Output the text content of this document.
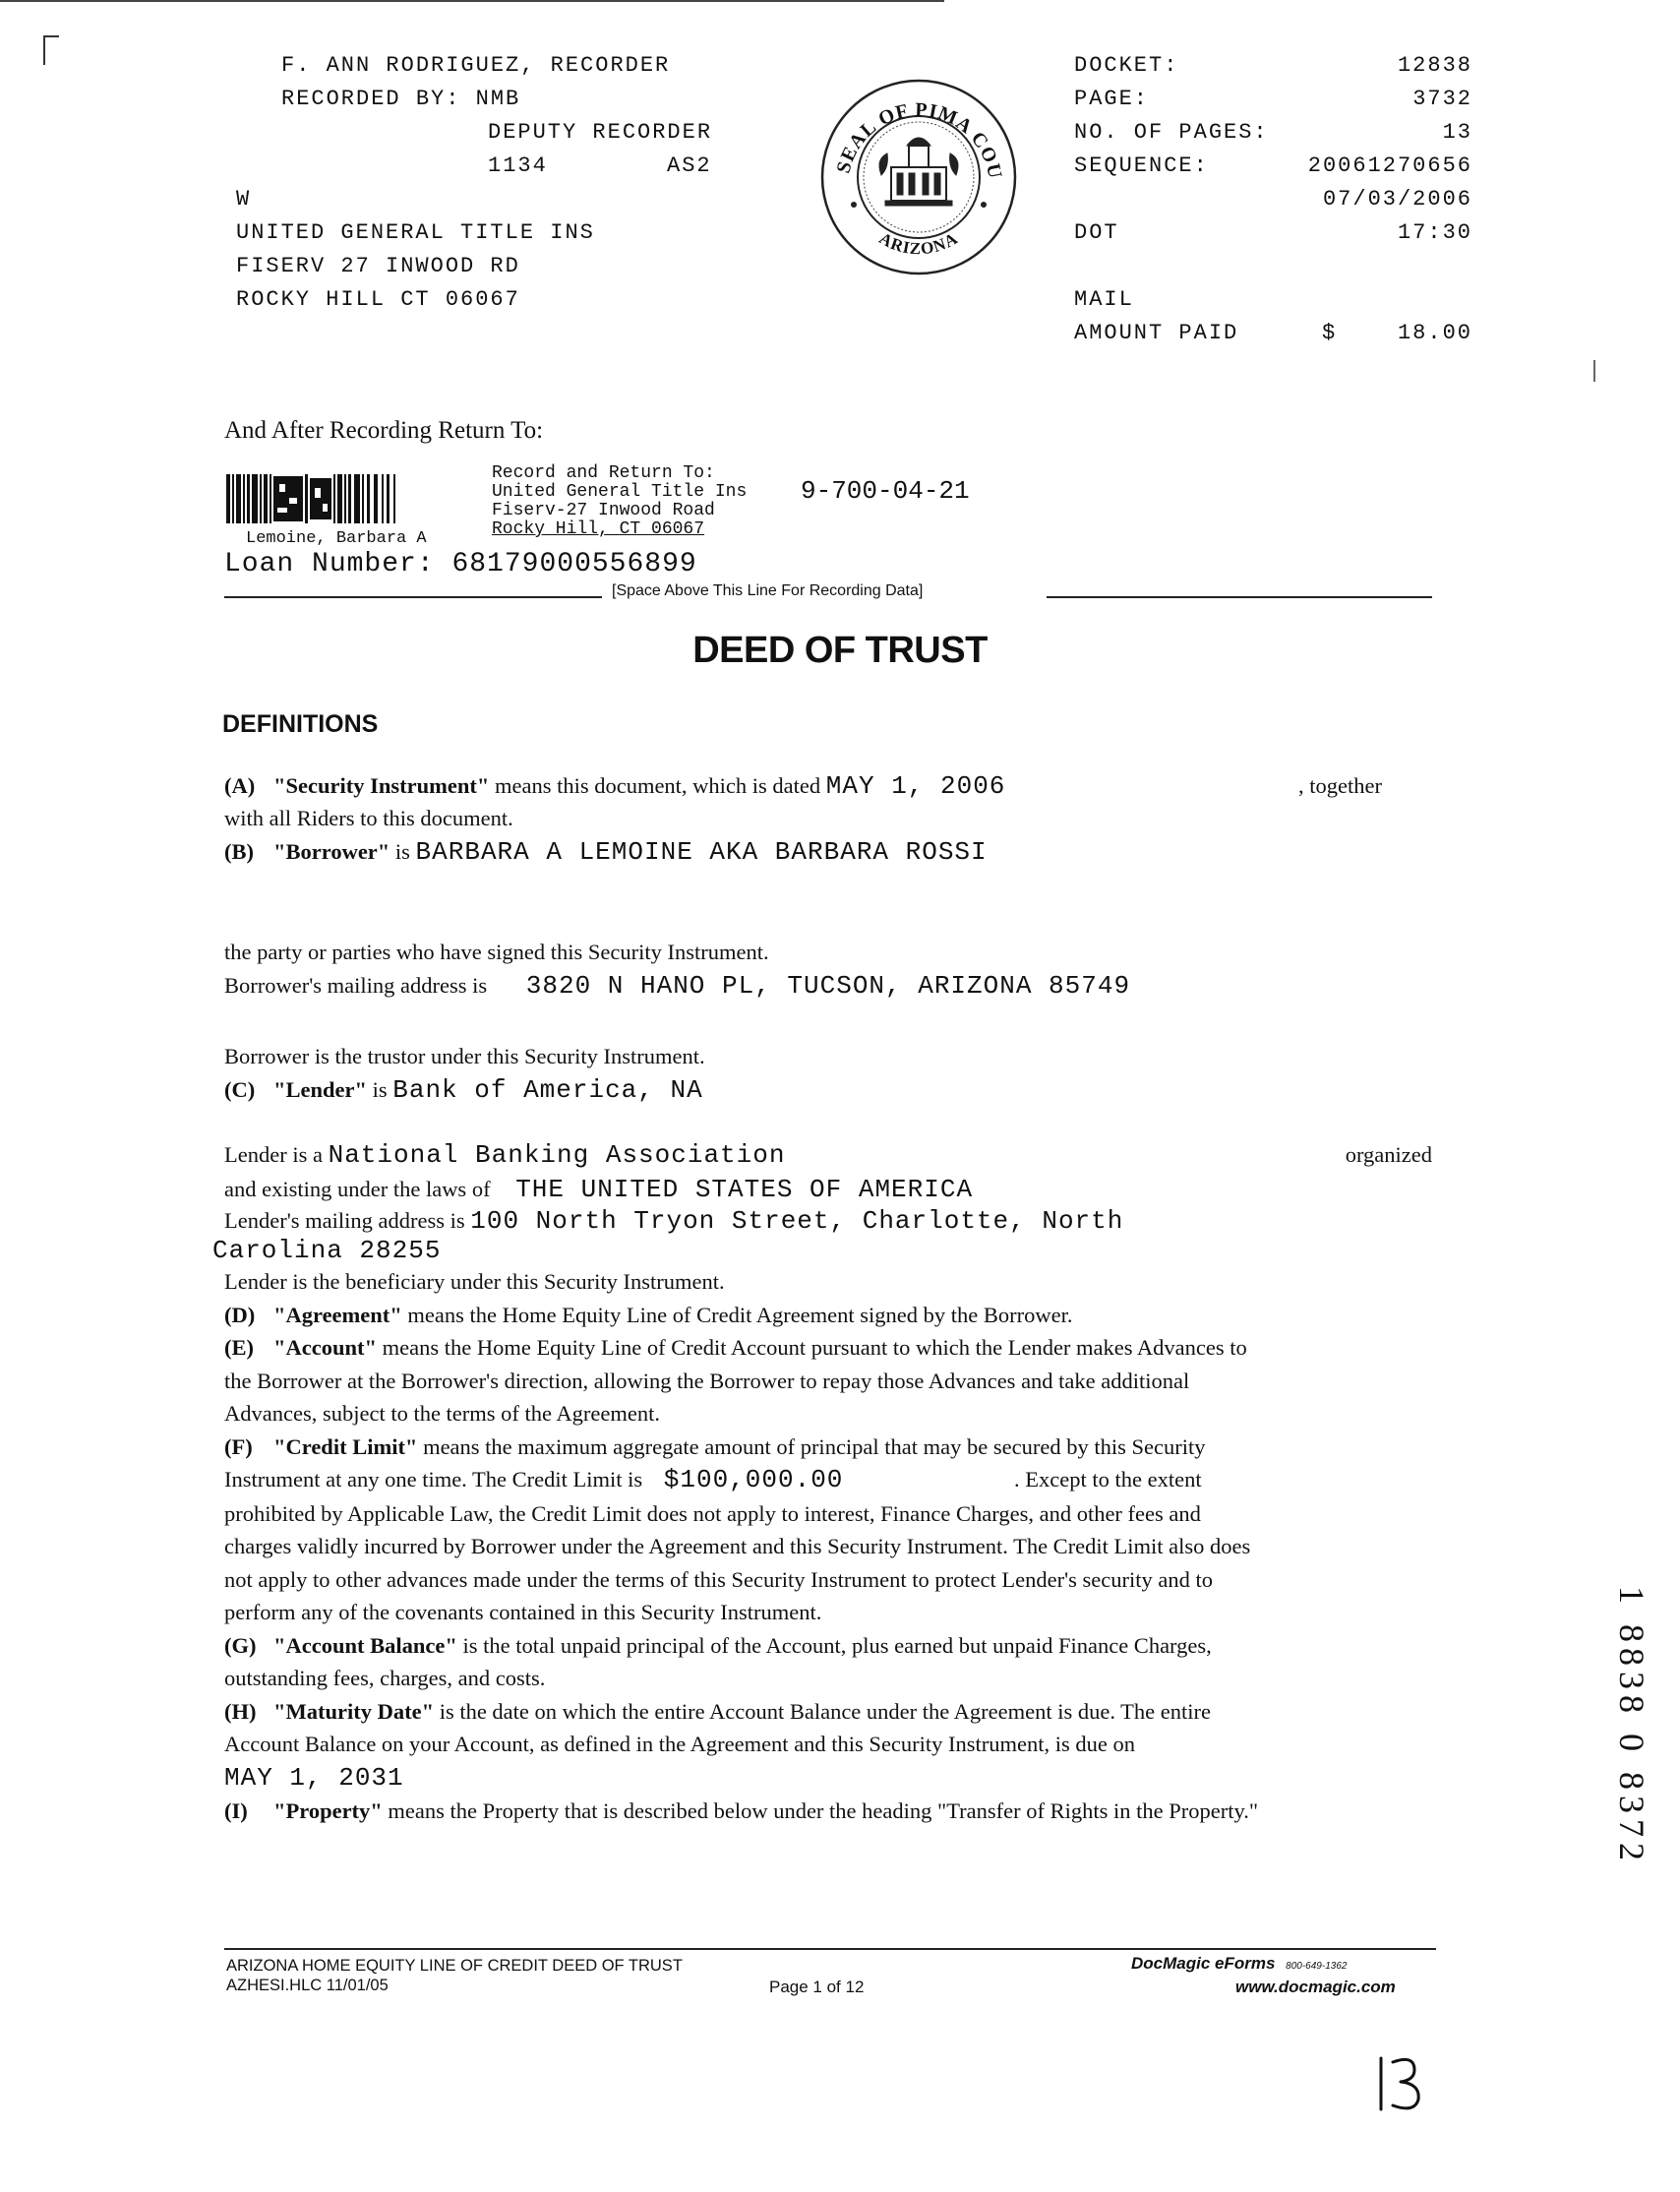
F. ANN RODRIGUEZ, RECORDER
RECORDED BY: NMB
DEPUTY RECORDER
1134	AS2
W
UNITED GENERAL TITLE INS
FISERV 27 INWOOD RD
ROCKY HILL CT 06067
SEAL OF PIMA COU
ARIZONA
DOCKET:	12838
PAGE:	3732
NO. OF PAGES:	13
SEQUENCE:	20061270656
07/03/2006
DOT	17:30
MAIL
AMOUNT PAID	$	18.00
And After Recording Return To:
Lemoine, Barbara A
Record and Return To:
United General Title Ins
Fiserv-27 Inwood Road
Rocky Hill, CT 06067
9-700-04-21
Loan Number: 68179000556899
[Space Above This Line For Recording Data]
DEED OF TRUST
DEFINITIONS

(A) "Security Instrument" means this document, which is dated MAY 1, 2006	, together

with all Riders to this document.

(B) "Borrower" is BARBARA A LEMOINE AKA BARBARA ROSSI

the party or parties who have signed this Security Instrument.

Borrower's mailing address is 3820 N HANO PL, TUCSON, ARIZONA 85749

Borrower is the trustor under this Security Instrument.

(C) "Lender" is Bank of America, NA

Lender is a National Banking Association	organized

and existing under the laws of THE UNITED STATES OF AMERICA

Lender's mailing address is 100 North Tryon Street, Charlotte, North

Carolina 28255

Lender is the beneficiary under this Security Instrument.

(D) "Agreement" means the Home Equity Line of Credit Agreement signed by the Borrower.

(E) "Account" means the Home Equity Line of Credit Account pursuant to which the Lender makes Advances to

the Borrower at the Borrower's direction, allowing the Borrower to repay those Advances and take additional

Advances, subject to the terms of the Agreement.

(F) "Credit Limit" means the maximum aggregate amount of principal that may be secured by this Security

Instrument at any one time. The Credit Limit is $100,000.00	. Except to the extent

prohibited by Applicable Law, the Credit Limit does not apply to interest, Finance Charges, and other fees and

charges validly incurred by Borrower under the Agreement and this Security Instrument. The Credit Limit also does

not apply to other advances made under the terms of this Security Instrument to protect Lender's security and to

perform any of the covenants contained in this Security Instrument.

(G) "Account Balance" is the total unpaid principal of the Account, plus earned but unpaid Finance Charges,

outstanding fees, charges, and costs.

(H) "Maturity Date" is the date on which the entire Account Balance under the Agreement is due. The entire

Account Balance on your Account, as defined in the Agreement and this Security Instrument, is due on

MAY 1, 2031

(I) "Property" means the Property that is described below under the heading "Transfer of Rights in the Property."	1 8838 0 8372
ARIZONA HOME EQUITY LINE OF CREDIT DEED OF TRUST
AZHESI.HLC 11/01/05	Page 1 of 12
DocMagic eForms 800-649-1362
www.docmagic.com
